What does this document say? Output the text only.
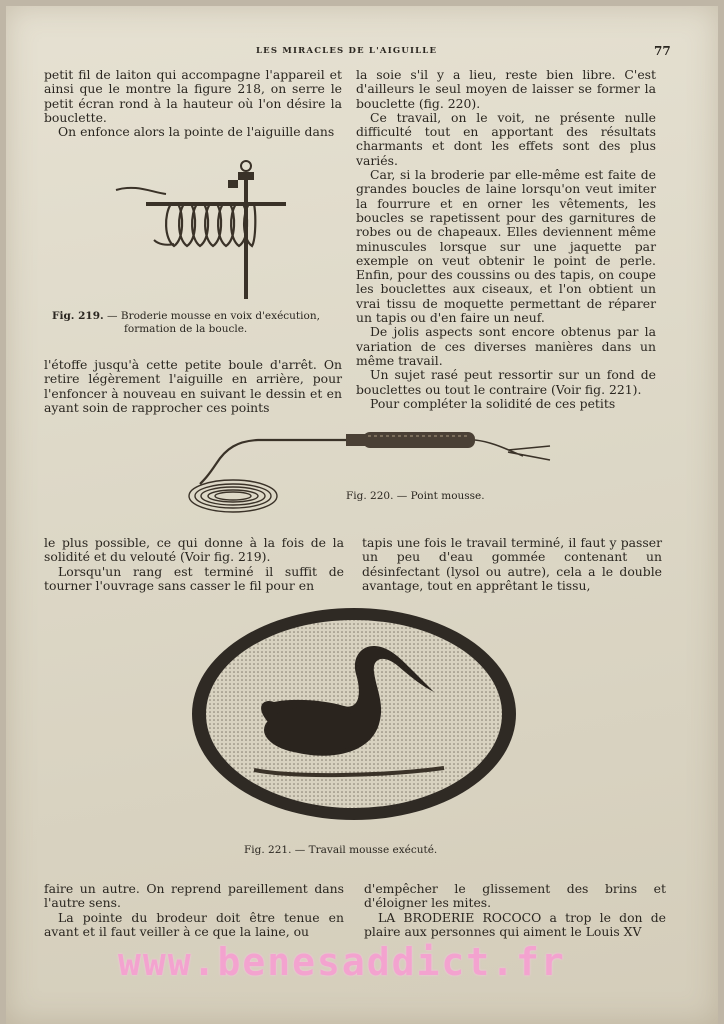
LES MIRACLES DE L'AIGUILLE	77

petit fil de laiton qui accompagne l'appareil et ainsi que le montre la figure 218, on serre le petit écran rond à la hauteur où l'on désire la bouclette.

On enfonce alors la pointe de l'aiguille dans

Fig. 219. — Broderie mousse en voix d'exécution,
formation de la boucle.

l'étoffe jusqu'à cette petite boule d'arrêt. On retire légèrement l'aiguille en arrière, pour l'enfoncer à nouveau en suivant le dessin et en ayant soin de rapprocher ces points

la soie s'il y a lieu, reste bien libre. C'est d'ailleurs le seul moyen de laisser se former la bouclette (fig. 220).

Ce travail, on le voit, ne présente nulle difficulté tout en apportant des résultats charmants et dont les effets sont des plus variés.

Car, si la broderie par elle-même est faite de grandes boucles de laine lorsqu'on veut imiter la fourrure et en orner les vêtements, les boucles se rapetissent pour des garnitures de robes ou de chapeaux. Elles deviennent même minuscules lorsque sur une jaquette par exemple on veut obtenir le point de perle. Enfin, pour des coussins ou des tapis, on coupe les bouclettes aux ciseaux, et l'on obtient un vrai tissu de moquette permettant de réparer un tapis ou d'en faire un neuf.

De jolis aspects sont encore obtenus par la variation de ces diverses manières dans un même travail.

Un sujet rasé peut ressortir sur un fond de bouclettes ou tout le contraire (Voir fig. 221).

Pour compléter la solidité de ces petits

Fig. 220. — Point mousse.

le plus possible, ce qui donne à la fois de la solidité et du velouté (Voir fig. 219).

Lorsqu'un rang est terminé il suffit de tourner l'ouvrage sans casser le fil pour en

tapis une fois le travail terminé, il faut y passer un peu d'eau gommée contenant un désinfectant (lysol ou autre), cela a le double avantage, tout en apprêtant le tissu,

Fig. 221. — Travail mousse exécuté.

faire un autre. On reprend pareillement dans l'autre sens.

La pointe du brodeur doit être tenue en avant et il faut veiller à ce que la laine, ou

d'empêcher le glissement des brins et d'éloigner les mites.

LA BRODERIE ROCOCO a trop le don de plaire aux personnes qui aiment le Louis XV

www.benesaddict.fr
